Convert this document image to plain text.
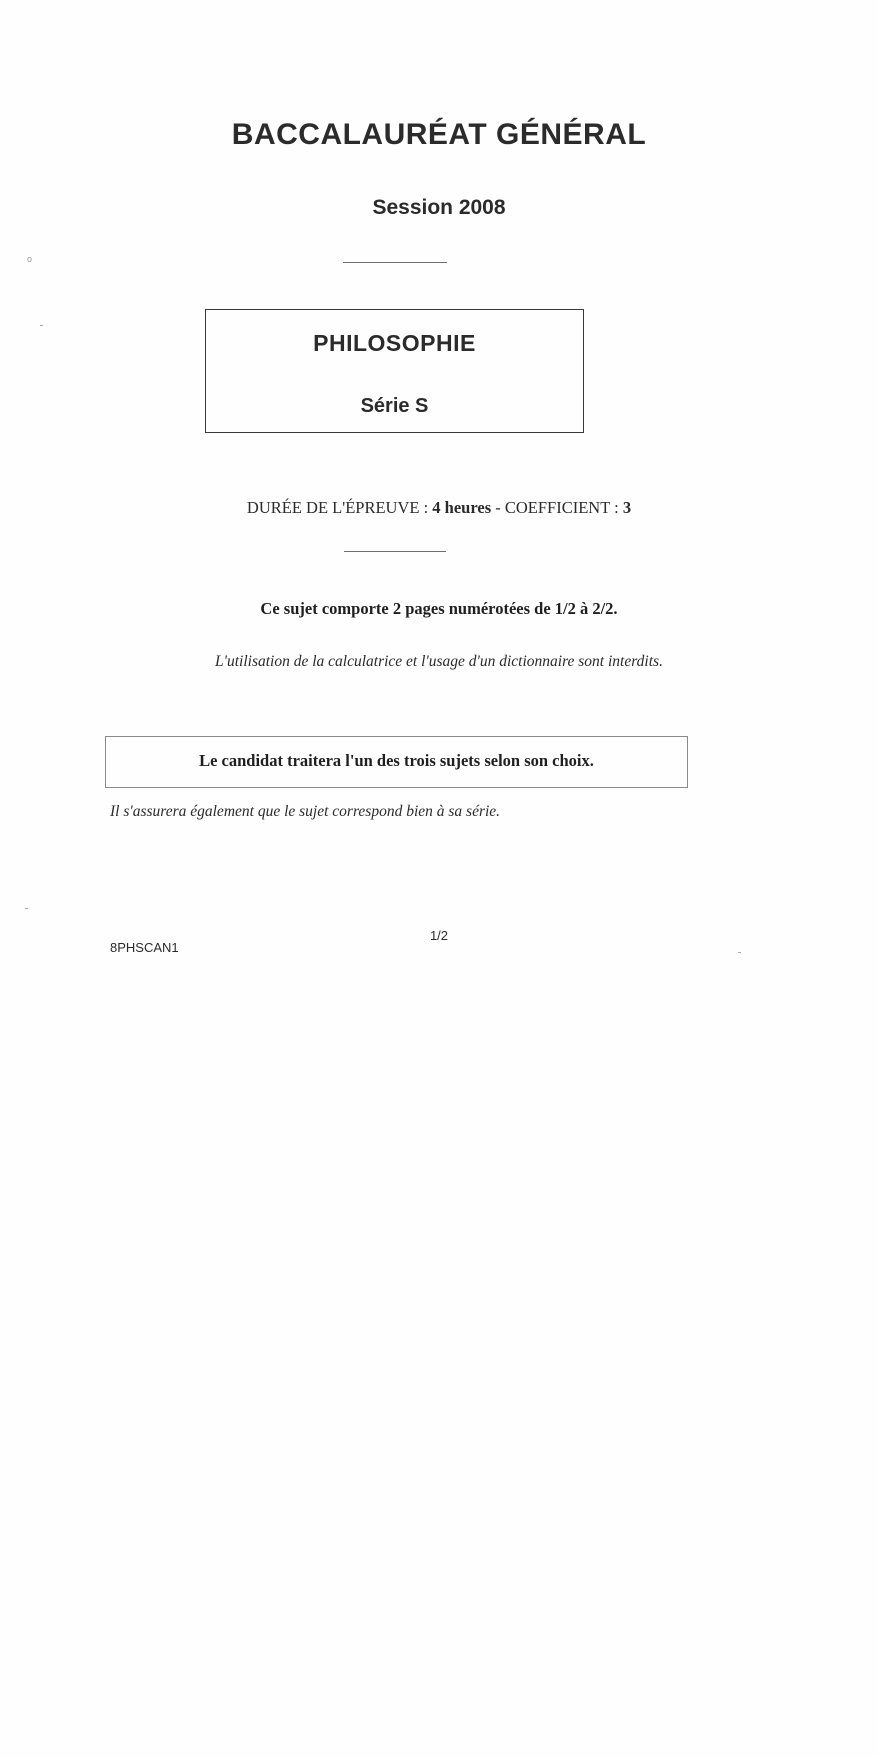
o
BACCALAURÉAT GÉNÉRAL
Session 2008
PHILOSOPHIE
Série S
DURÉE DE L'ÉPREUVE : 4 heures - COEFFICIENT : 3
Ce sujet comporte 2 pages numérotées de 1/2 à 2/2.
L'utilisation de la calculatrice et l'usage d'un dictionnaire sont interdits.
Le candidat traitera l'un des trois sujets selon son choix.
Il s'assurera également que le sujet correspond bien à sa série.
1/2
8PHSCAN1
